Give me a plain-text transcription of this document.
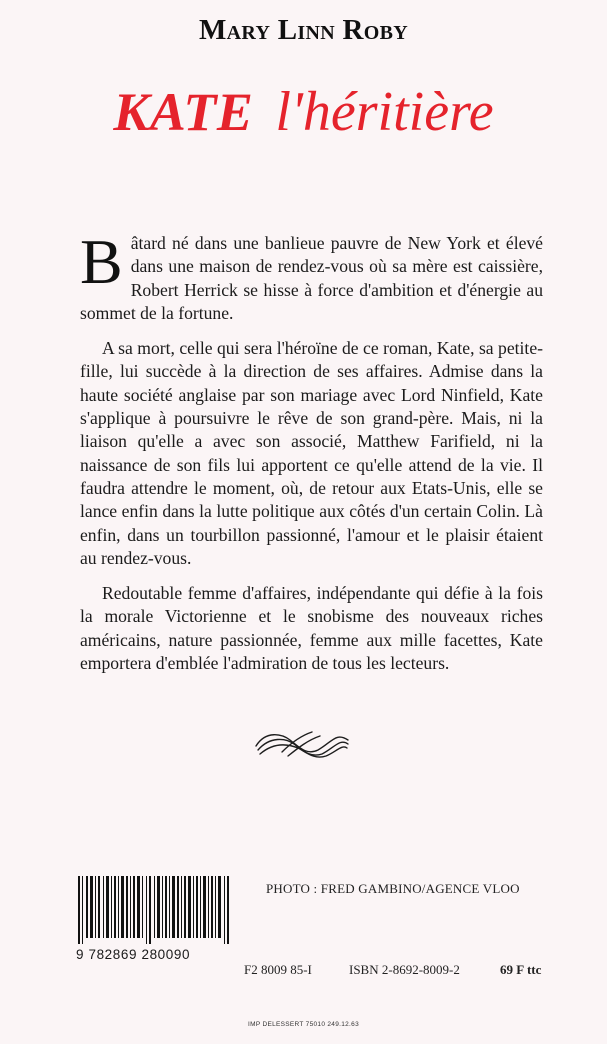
Mary Linn Roby
KATE l'héritière

Bâtard né dans une banlieue pauvre de New York et élevé dans une maison de rendez-vous où sa mère est caissière, Robert Herrick se hisse à force d'ambition et d'énergie au sommet de la fortune.

A sa mort, celle qui sera l'héroïne de ce roman, Kate, sa petite-fille, lui succède à la direction de ses affaires. Admise dans la haute société anglaise par son mariage avec Lord Ninfield, Kate s'applique à poursuivre le rêve de son grand-père. Mais, ni la liaison qu'elle a avec son associé, Matthew Farifield, ni la naissance de son fils lui apportent ce qu'elle attend de la vie. Il faudra attendre le moment, où, de retour aux Etats-Unis, elle se lance enfin dans la lutte politique aux côtés d'un certain Colin. Là enfin, dans un tourbillon passionné, l'amour et le plaisir étaient au rendez-vous.

Redoutable femme d'affaires, indépendante qui défie à la fois la morale Victorienne et le snobisme des nouveaux riches américains, nature passionnée, femme aux mille facettes, Kate emportera d'emblée l'admiration de tous les lecteurs.

PHOTO : FRED GAMBINO/AGENCE VLOO
9 782869 280090
F2 8009 85-I	ISBN 2-8692-8009-2	69 F ttc
IMP DELESSERT 75010 249.12.63
